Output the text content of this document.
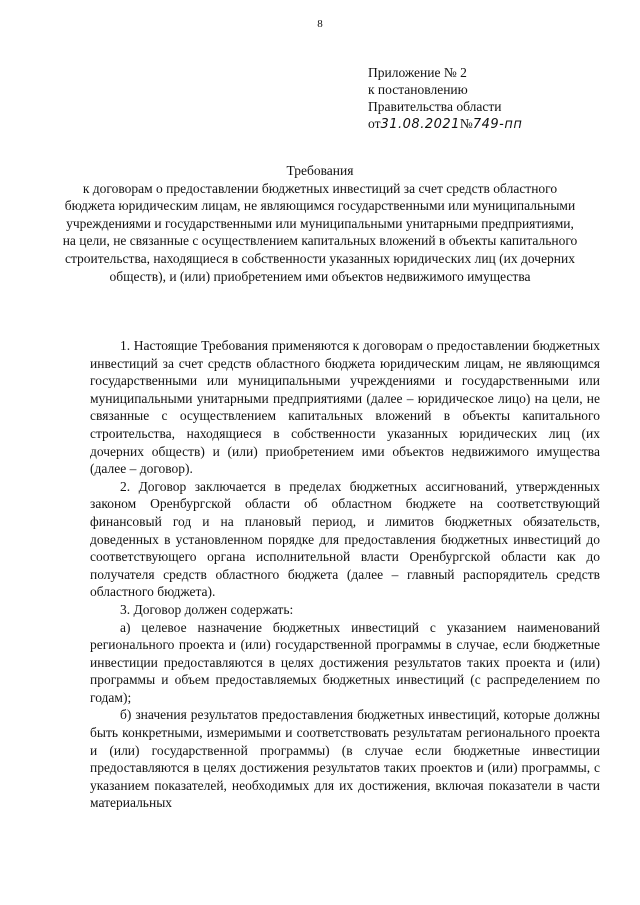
8
Приложение № 2
к постановлению
Правительства области
от31.08.2021№749-пп
Требования
к договорам о предоставлении бюджетных инвестиций за счет средств областного бюджета юридическим лицам, не являющимся государственными или муниципальными учреждениями и государственными или муниципальными унитарными предприятиями, на цели, не связанные с осуществлением капитальных вложений в объекты капитального строительства, находящиеся в собственности указанных юридических лиц (их дочерних обществ), и (или) приобретением ими объектов недвижимого имущества

1. Настоящие Требования применяются к договорам о предоставлении бюджетных инвестиций за счет средств областного бюджета юридическим лицам, не являющимся государственными или муниципальными учреждениями и государственными или муниципальными унитарными предприятиями (далее – юридическое лицо) на цели, не связанные с осуществлением капитальных вложений в объекты капитального строительства, находящиеся в собственности указанных юридических лиц (их дочерних обществ) и (или) приобретением ими объектов недвижимого имущества (далее – договор).

2. Договор заключается в пределах бюджетных ассигнований, утвержденных законом Оренбургской области об областном бюджете на соответствующий финансовый год и на плановый период, и лимитов бюджетных обязательств, доведенных в установленном порядке для предоставления бюджетных инвестиций до соответствующего органа исполнительной власти Оренбургской области как до получателя средств областного бюджета (далее – главный распорядитель средств областного бюджета).

3. Договор должен содержать:

а) целевое назначение бюджетных инвестиций с указанием наименований регионального проекта и (или) государственной программы в случае, если бюджетные инвестиции предоставляются в целях достижения результатов таких проекта и (или) программы и объем предоставляемых бюджетных инвестиций (с распределением по годам);

б) значения результатов предоставления бюджетных инвестиций, которые должны быть конкретными, измеримыми и соответствовать результатам регионального проекта и (или) государственной программы) (в случае если бюджетные инвестиции предоставляются в целях достижения результатов таких проектов и (или) программы, с указанием показателей, необходимых для их достижения, включая показатели в части материальных
